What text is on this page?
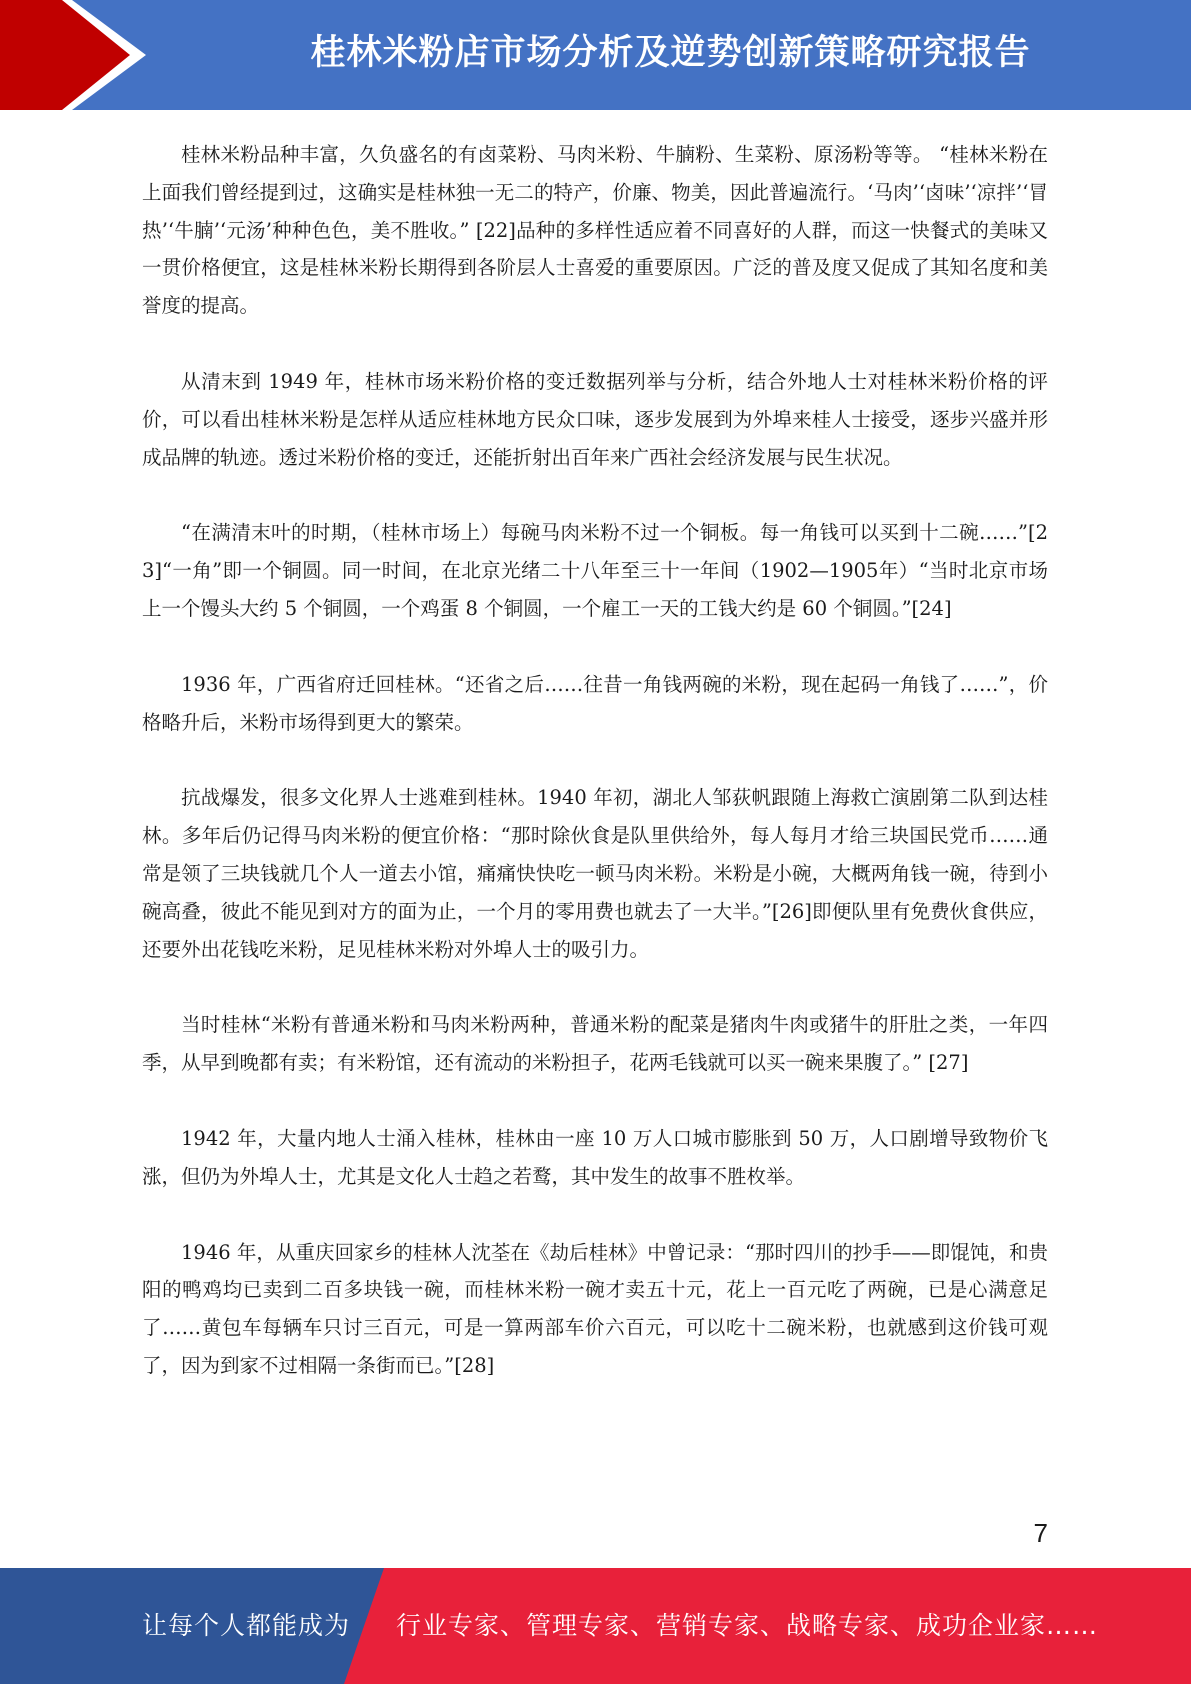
桂林米粉店市场分析及逆势创新策略研究报告

桂林米粉品种丰富，久负盛名的有卤菜粉、马肉米粉、牛腩粉、生菜粉、原汤粉等等。 “桂林米粉在上面我们曾经提到过，这确实是桂林独一无二的特产，价廉、物美，因此普遍流行。‘马肉’‘卤味’‘凉拌’‘冒热’‘牛腩’‘元汤’种种色色，美不胜收。” [22]品种的多样性适应着不同喜好的人群，而这一快餐式的美味又一贯价格便宜，这是桂林米粉长期得到各阶层人士喜爱的重要原因。广泛的普及度又促成了其知名度和美誉度的提高。

从清末到 1949 年，桂林市场米粉价格的变迁数据列举与分析，结合外地人士对桂林米粉价格的评价，可以看出桂林米粉是怎样从适应桂林地方民众口味，逐步发展到为外埠来桂人士接受，逐步兴盛并形成品牌的轨迹。透过米粉价格的变迁，还能折射出百年来广西社会经济发展与民生状况。

“在满清末叶的时期，（桂林市场上）每碗马肉米粉不过一个铜板。每一角钱可以买到十二碗……”[23]“一角”即一个铜圆。同一时间，在北京光绪二十八年至三十一年间（1902—1905年）“当时北京市场上一个馒头大约 5 个铜圆，一个鸡蛋 8 个铜圆，一个雇工一天的工钱大约是 60 个铜圆。”[24]

1936 年，广西省府迁回桂林。“还省之后……往昔一角钱两碗的米粉，现在起码一角钱了……”，价格略升后，米粉市场得到更大的繁荣。

抗战爆发，很多文化界人士逃难到桂林。1940 年初，湖北人邹荻帆跟随上海救亡演剧第二队到达桂林。多年后仍记得马肉米粉的便宜价格：“那时除伙食是队里供给外，每人每月才给三块国民党币……通常是领了三块钱就几个人一道去小馆，痛痛快快吃一顿马肉米粉。米粉是小碗，大概两角钱一碗，待到小碗高叠，彼此不能见到对方的面为止，一个月的零用费也就去了一大半。”[26]即便队里有免费伙食供应，还要外出花钱吃米粉，足见桂林米粉对外埠人士的吸引力。

当时桂林“米粉有普通米粉和马肉米粉两种，普通米粉的配菜是猪肉牛肉或猪牛的肝肚之类，一年四季，从早到晚都有卖；有米粉馆，还有流动的米粉担子，花两毛钱就可以买一碗来果腹了。” [27]

1942 年，大量内地人士涌入桂林，桂林由一座 10 万人口城市膨胀到 50 万，人口剧增导致物价飞涨，但仍为外埠人士，尤其是文化人士趋之若鹜，其中发生的故事不胜枚举。

1946 年，从重庆回家乡的桂林人沈荃在《劫后桂林》中曾记录：“那时四川的抄手——即馄饨，和贵阳的鸭鸡均已卖到二百多块钱一碗，而桂林米粉一碗才卖五十元，花上一百元吃了两碗，已是心满意足了……黄包车每辆车只讨三百元，可是一算两部车价六百元，可以吃十二碗米粉，也就感到这价钱可观了，因为到家不过相隔一条街而已。”[28]

7
让每个人都能成为 行业专家、管理专家、营销专家、战略专家、成功企业家……
